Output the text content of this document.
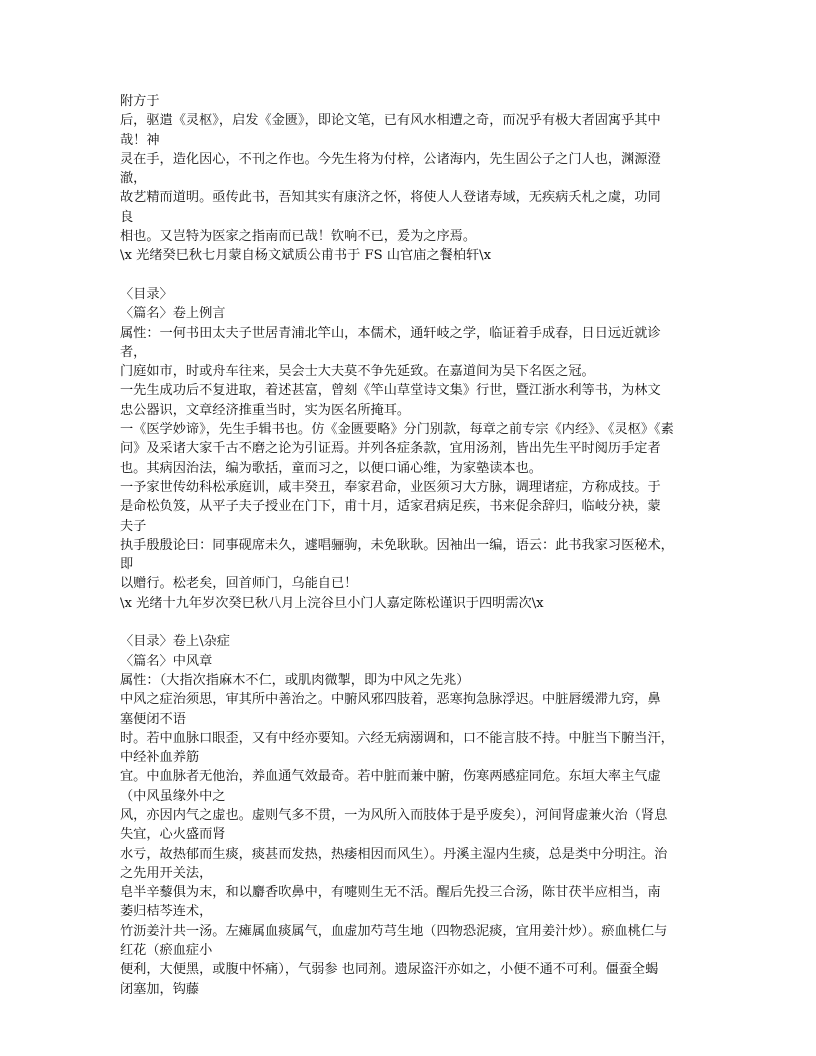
附方于
后，驱遣《灵枢》，启发《金匮》，即论文笔，已有风水相遭之奇，而况乎有极大者固寓乎其中
哉！神
灵在手，造化因心，不刊之作也。今先生将为付梓，公诸海内，先生固公子之门人也，渊源澄
澈，
故艺精而道明。亟传此书，吾知其实有康济之怀，将使人人登诸寿域，无疾病夭札之虞，功同
良
相也。又岂特为医家之指南而已哉！钦响不已，爰为之序焉。
\x 光绪癸巳秋七月蒙自杨文斌质公甫书于 FS 山官庙之餐柏轩\x
〈目录〉
〈篇名〉卷上例言
属性：一何书田太夫子世居青浦北竿山，本儒术，通轩岐之学，临证着手成春，日日远近就诊
者，
门庭如市，时或舟车往来，吴会士大夫莫不争先延致。在嘉道间为吴下名医之冠。
一先生成功后不复进取，着述甚富，曾刻《竿山草堂诗文集》行世，暨江浙水利等书，为林文
忠公器识，文章经济推重当时，实为医名所掩耳。
一《医学妙谛》，先生手辑书也。仿《金匮要略》分门别款，每章之前专宗《内经》、《灵枢》《素
问》及采诸大家千古不磨之论为引证焉。并列各症条款，宜用汤剂，皆出先生平时阅历手定者
也。其病因治法，编为歌括，童而习之，以便口诵心维，为家塾读本也。
一予家世传幼科松承庭训，咸丰癸丑，奉家君命，业医须习大方脉，调理诸症，方称成技。于
是命松负笈，从平子夫子授业在门下，甫十月，适家君病足疾，书来促余辞归，临岐分袂，蒙
夫子
执手殷殷论曰：同事砚席未久，遽唱骊驹，未免耿耿。因袖出一编，语云：此书我家习医秘术，
即
以赠行。松老矣，回首师门，乌能自已！
\x 光绪十九年岁次癸巳秋八月上浣谷旦小门人嘉定陈松谨识于四明需次\x
〈目录〉卷上\杂症
〈篇名〉中风章
属性：（大指次指麻木不仁，或肌肉微掣，即为中风之先兆）
中风之症治须思，审其所中善治之。中腑风邪四肢着，恶寒拘急脉浮迟。中脏唇缓滞九窍，鼻
塞便闭不语
时。若中血脉口眼歪，又有中经亦要知。六经无病溺调和，口不能言肢不持。中脏当下腑当汗，
中经补血养筋
宜。中血脉者无他治，养血通气效最奇。若中脏而兼中腑，伤寒两感症同危。东垣大率主气虚
（中风虽缘外中之
风，亦因内气之虚也。虚则气多不贯，一为风所入而肢体于是乎废矣），河间肾虚兼火治（肾息
失宜，心火盛而肾
水亏，故热郁而生痰，痰甚而发热，热痿相因而风生）。丹溪主湿内生痰，总是类中分明注。治
之先用开关法，
皂半辛藜俱为末，和以麝香吹鼻中，有嚏则生无不活。醒后先投三合汤，陈甘茯半应相当，南
萎归桔芩连术，
竹沥姜汁共一汤。左瘫属血痰属气，血虚加芍芎生地（四物恐泥痰，宜用姜汁炒）。瘀血桃仁与
红花（瘀血症小
便利，大便黑，或腹中怀痛），气弱参 也同剂。遗尿盗汗亦如之，小便不通不可利。僵蚕全蝎
闭塞加，钩藤
